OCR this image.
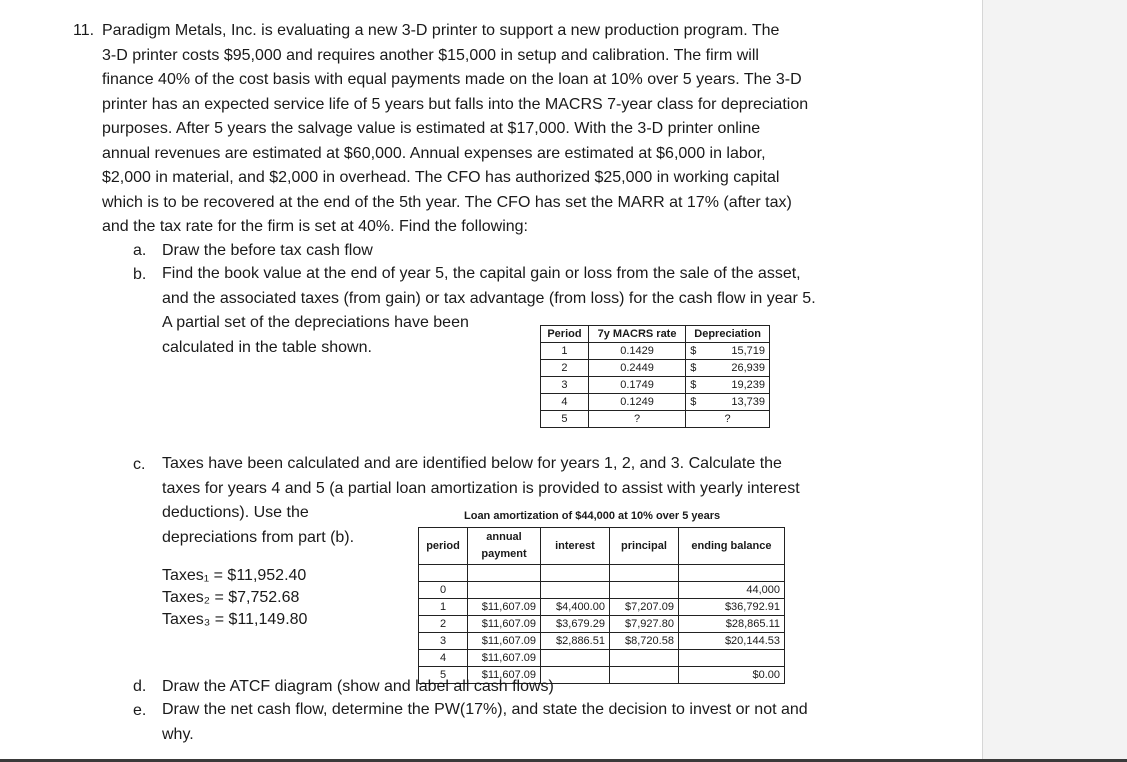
11. Paradigm Metals, Inc. is evaluating a new 3-D printer to support a new production program. The

3-D printer costs $95,000 and requires another $15,000 in setup and calibration. The firm will

finance 40% of the cost basis with equal payments made on the loan at 10% over 5 years. The 3-D

printer has an expected service life of 5 years but falls into the MACRS 7-year class for depreciation

purposes. After 5 years the salvage value is estimated at $17,000. With the 3-D printer online

annual revenues are estimated at $60,000. Annual expenses are estimated at $6,000 in labor,

$2,000 in material, and $2,000 in overhead. The CFO has authorized $25,000 in working capital

which is to be recovered at the end of the 5th year. The CFO has set the MARR at 17% (after tax)

and the tax rate for the firm is set at 40%. Find the following:

a. Draw the before tax cash flow
b. Find the book value at the end of year 5, the capital gain or loss from the sale of the asset,

and the associated taxes (from gain) or tax advantage (from loss) for the cash flow in year 5.

A partial set of the depreciations have been

calculated in the table shown.

Period	7y MACRS rate	Depreciation
1	0.1429	$ 15,719

2	0.2449	$ 26,939

3	0.1749	$ 19,239

4	0.1249	$ 13,739

5	?	?
c. Taxes have been calculated and are identified below for years 1, 2, and 3. Calculate the

taxes for years 4 and 5 (a partial loan amortization is provided to assist with yearly interest

deductions). Use the

depreciations from part (b).

Taxes₁ = $11,952.40
Taxes₂ = $7,752.68
Taxes₃ = $11,149.80
Loan amortization of $44,000 at 10% over 5 years
period	annual
payment	interest	principal	ending balance

0				44,000
1	$11,607.09	$4,400.00	$7,207.09	$36,792.91
2	$11,607.09	$3,679.29	$7,927.80	$28,865.11
3	$11,607.09	$2,886.51	$8,720.58	$20,144.53
4	$11,607.09			
5	$11,607.09			$0.00
d. Draw the ATCF diagram (show and label all cash flows)
e. Draw the net cash flow, determine the PW(17%), and state the decision to invest or not and

why.
